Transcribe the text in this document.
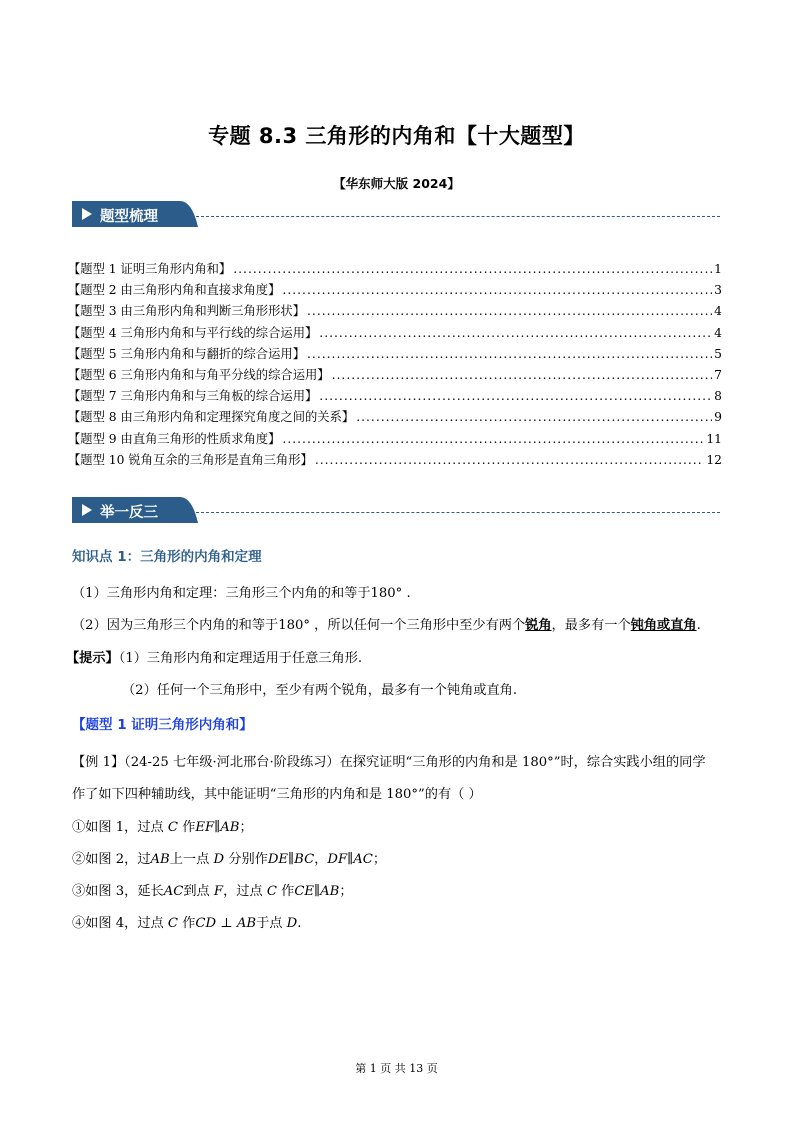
专题 8.3 三角形的内角和【十大题型】
【华东师大版 2024】
题型梳理
【题型 1 证明三角形内角和】 .....	1
【题型 2 由三角形内角和直接求角度】 .....	3
【题型 3 由三角形内角和判断三角形形状】 .....	4
【题型 4 三角形内角和与平行线的综合运用】 .....	4
【题型 5 三角形内角和与翻折的综合运用】 .....	5
【题型 6 三角形内角和与角平分线的综合运用】 .....	7
【题型 7 三角形内角和与三角板的综合运用】 .....	8
【题型 8 由三角形内角和定理探究角度之间的关系】 .....	9
【题型 9 由直角三角形的性质求角度】 .....	11
【题型 10 锐角互余的三角形是直角三角形】 .....	12
举一反三
知识点 1：三角形的内角和定理
（1）三角形内角和定理：三角形三个内角的和等于180° .
（2）因为三角形三个内角的和等于180° ，所以任何一个三角形中至少有两个锐角，最多有一个钝角或直角.
【提示】（1）三角形内角和定理适用于任意三角形.
（2）任何一个三角形中，至少有两个锐角，最多有一个钝角或直角.
【题型 1 证明三角形内角和】
【例 1】（24-25 七年级·河北邢台·阶段练习）在探究证明“三角形的内角和是 180°”时，综合实践小组的同学
作了如下四种辅助线，其中能证明“三角形的内角和是 180°”的有（ ）
①如图 1，过点 C 作EF∥AB；
②如图 2，过AB上一点 D 分别作DE∥BC，DF∥AC；
③如图 3，延长AC到点 F，过点 C 作CE∥AB；
④如图 4，过点 C 作CD ⊥ AB于点 D.
第 1 页 共 13 页
